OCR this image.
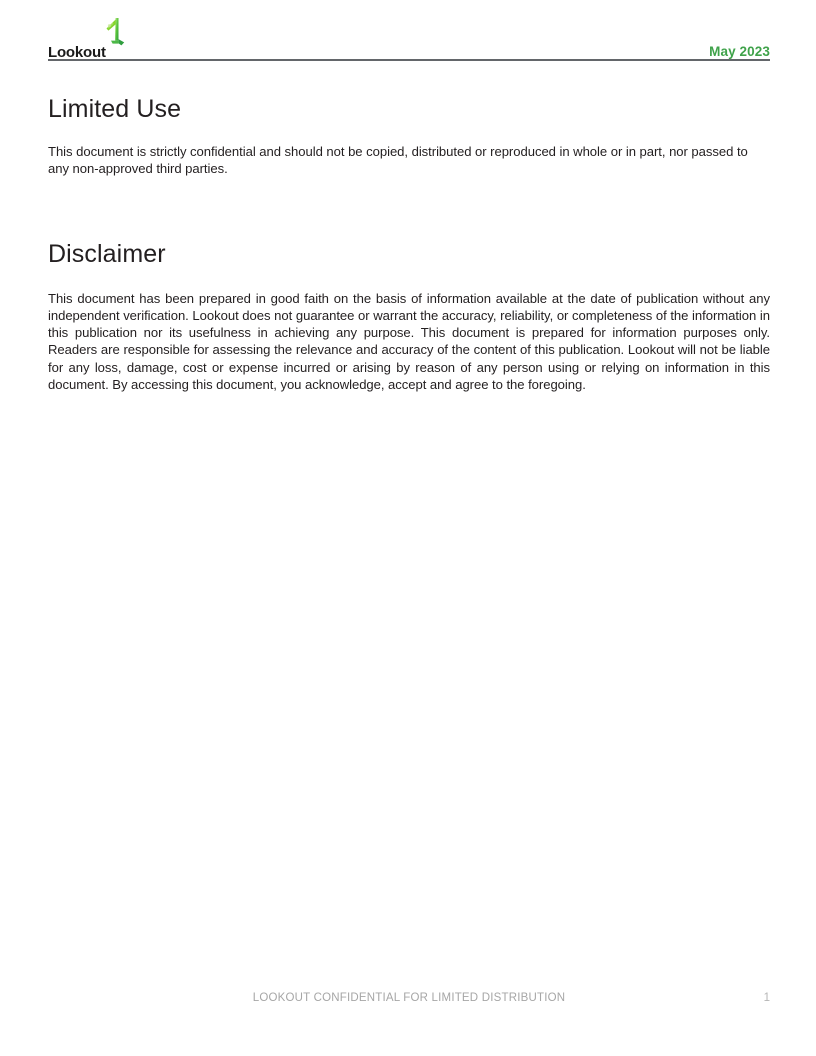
Lookout	May 2023
Limited Use

This document is strictly confidential and should not be copied, distributed or reproduced in whole or in part, nor passed to any non-approved third parties.

Disclaimer

This document has been prepared in good faith on the basis of information available at the date of publication without any independent verification. Lookout does not guarantee or warrant the accuracy, reliability, or completeness of the information in this publication nor its usefulness in achieving any purpose. This document is prepared for information purposes only. Readers are responsible for assessing the relevance and accuracy of the content of this publication. Lookout will not be liable for any loss, damage, cost or expense incurred or arising by reason of any person using or relying on information in this document. By accessing this document, you acknowledge, accept and agree to the foregoing.

LOOKOUT CONFIDENTIAL FOR LIMITED DISTRIBUTION	1
